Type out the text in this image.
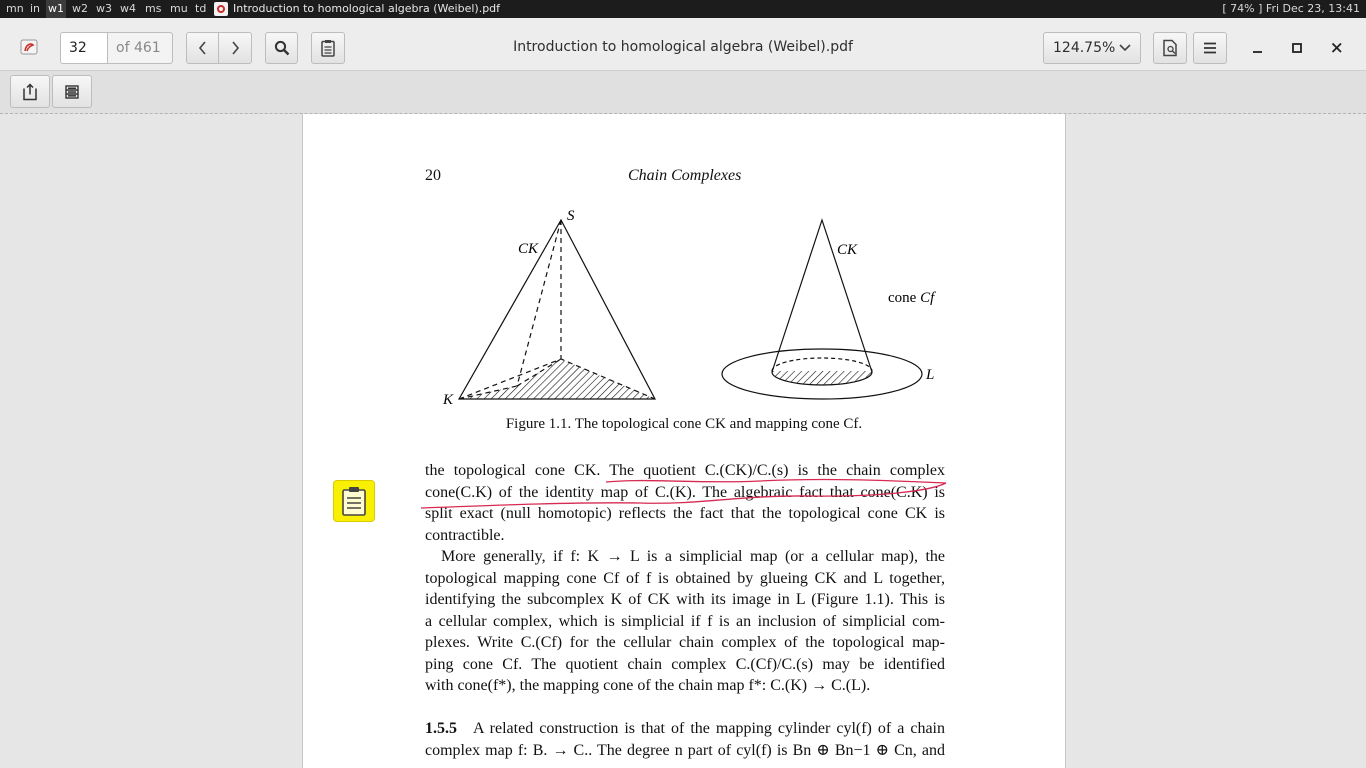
mn in w1 w2 w3 w4 ms mu td Introduction to homological algebra (Weibel).pdf	[ 74% ] Fri Dec 23, 13:41
32
of 461	Introduction to homological algebra (Weibel).pdf	124.75%
20	Chain Complexes
S
CK
K
CK
cone Cf
L
Figure 1.1. The topological cone CK and mapping cone Cf.
the topological cone CK. The quotient C.(CK)/C.(s) is the chain complex
cone(C.K) of the identity map of C.(K). The algebraic fact that cone(C.K) is
split exact (null homotopic) reflects the fact that the topological cone CK is
contractible.
More generally, if f: K → L is a simplicial map (or a cellular map), the
topological mapping cone Cf of f is obtained by glueing CK and L together,
identifying the subcomplex K of CK with its image in L (Figure 1.1). This is
a cellular complex, which is simplicial if f is an inclusion of simplicial com-
plexes. Write C.(Cf) for the cellular chain complex of the topological map-
ping cone Cf. The quotient chain complex C.(Cf)/C.(s) may be identified
with cone(f*), the mapping cone of the chain map f*: C.(K) → C.(L).
1.5.5 A related construction is that of the mapping cylinder cyl(f) of a chain
complex map f: B. → C.. The degree n part of cyl(f) is Bn ⊕ Bn−1 ⊕ Cn, and
